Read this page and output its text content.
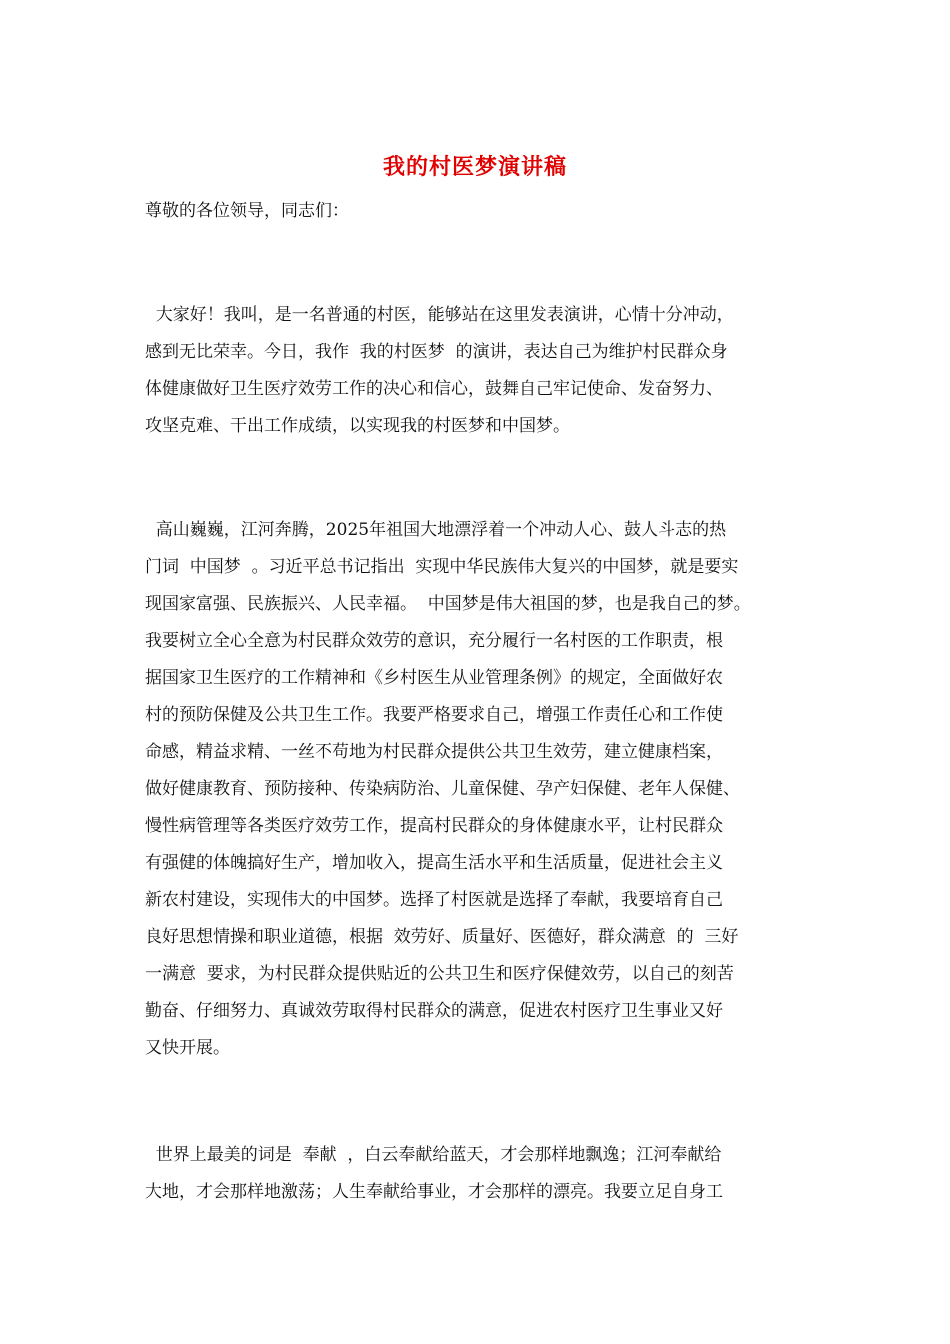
我的村医梦演讲稿
尊敬的各位领导，同志们：
大家好！我叫，是一名普通的村医，能够站在这里发表演讲，心情十分冲动，
感到无比荣幸。今日，我作  我的村医梦  的演讲，表达自己为维护村民群众身
体健康做好卫生医疗效劳工作的决心和信心，鼓舞自己牢记使命、发奋努力、
攻坚克难、干出工作成绩，以实现我的村医梦和中国梦。
高山巍巍，江河奔腾，2025年祖国大地漂浮着一个冲动人心、鼓人斗志的热
门词  中国梦  。习近平总书记指出  实现中华民族伟大复兴的中国梦，就是要实
现国家富强、民族振兴、人民幸福。  中国梦是伟大祖国的梦，也是我自己的梦。
我要树立全心全意为村民群众效劳的意识，充分履行一名村医的工作职责，根
据国家卫生医疗的工作精神和《乡村医生从业管理条例》的规定，全面做好农
村的预防保健及公共卫生工作。我要严格要求自己，增强工作责任心和工作使
命感，精益求精、一丝不苟地为村民群众提供公共卫生效劳，建立健康档案，
做好健康教育、预防接种、传染病防治、儿童保健、孕产妇保健、老年人保健、
慢性病管理等各类医疗效劳工作，提高村民群众的身体健康水平，让村民群众
有强健的体魄搞好生产，增加收入，提高生活水平和生活质量，促进社会主义
新农村建设，实现伟大的中国梦。选择了村医就是选择了奉献，我要培育自己
良好思想情操和职业道德，根据  效劳好、质量好、医德好，群众满意  的  三好
一满意  要求，为村民群众提供贴近的公共卫生和医疗保健效劳，以自己的刻苦
勤奋、仔细努力、真诚效劳取得村民群众的满意，促进农村医疗卫生事业又好
又快开展。
世界上最美的词是  奉献  ，白云奉献给蓝天，才会那样地飘逸；江河奉献给
大地，才会那样地激荡；人生奉献给事业，才会那样的漂亮。我要立足自身工
